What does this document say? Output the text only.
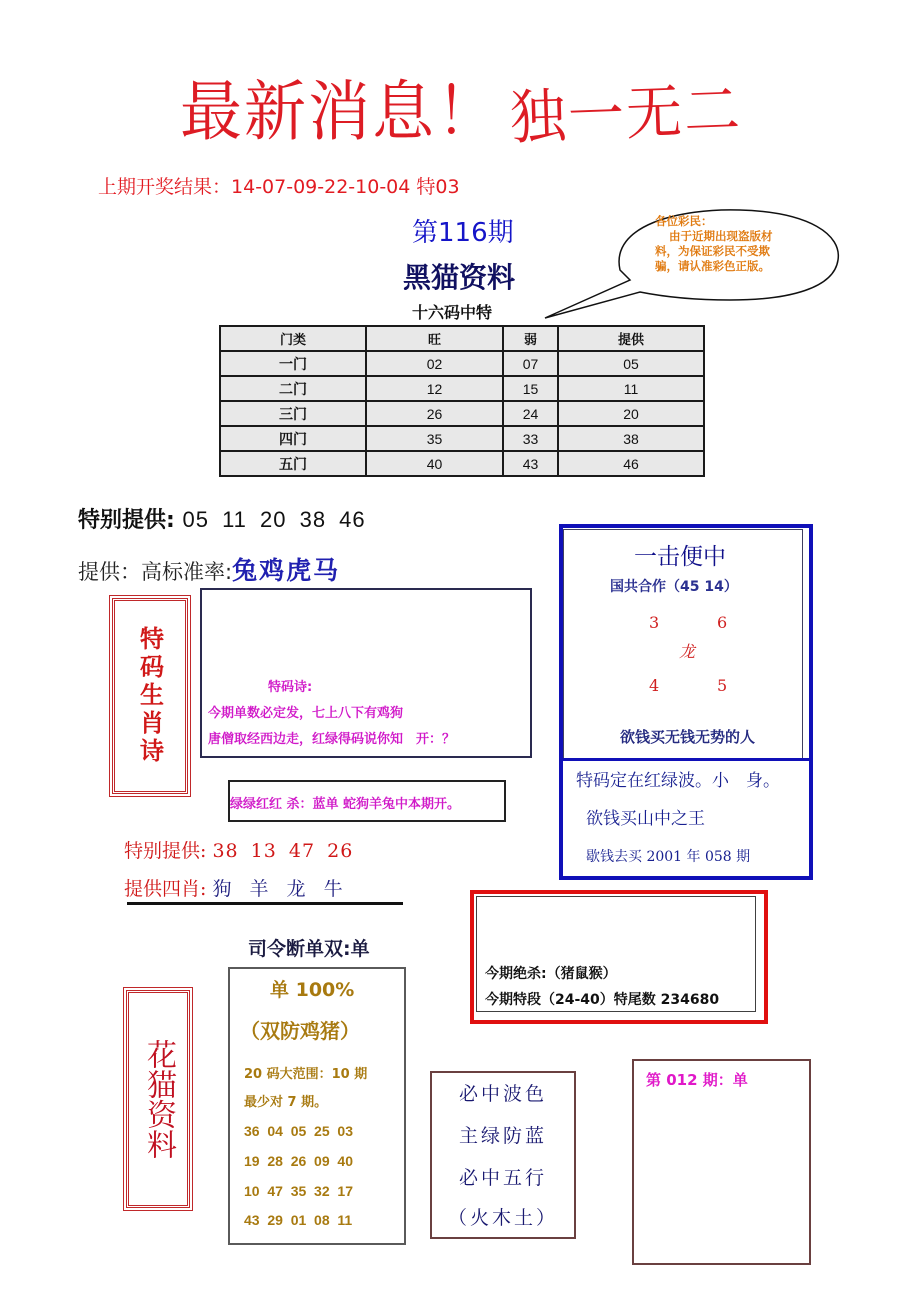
最新消息！ 独一无二
上期开奖结果：14-07-09-22-10-04 特03
第116期
黑猫资料
十六码中特
各位彩民：
由于近期出现盗版材
料，为保证彩民不受欺
骗，请认准彩色正版。
门类	旺	弱	提供
一门	02	07	05
二门	12	15	11
三门	26	24	20
四门	35	33	38
五门	40	43	46
特别提供: 05 11 20 38 46
提供：高标准率:兔鸡虎马
特码生肖诗	特码诗:
今期单数必定发，七上八下有鸡狗
唐僧取经西边走，红绿得码说你知　开：？
绿绿红红 杀：蓝单 蛇狗羊兔中本期开。
一击便中
国共合作（45 14）
3	6
龙
4	5
欲钱买无钱无势的人
特码定在红绿波。小　身。
欲钱买山中之王
歇钱去买 2001 年 058 期
特别提供: 38 13 47 26
提供四肖: 狗 羊 龙 牛
司令断单双:单
今期绝杀:（猪鼠猴）
今期特段（24-40）特尾数 234680
花猫资料
单 100%
（双防鸡猪）
20 码大范围：10 期
最少对 7 期。
36  04  05  25  03
19  28  26  09  40
10  47  35  32  17
43  29  01  08  11
必中波色
主绿防蓝
必中五行
（火木土）
第 012 期：单
